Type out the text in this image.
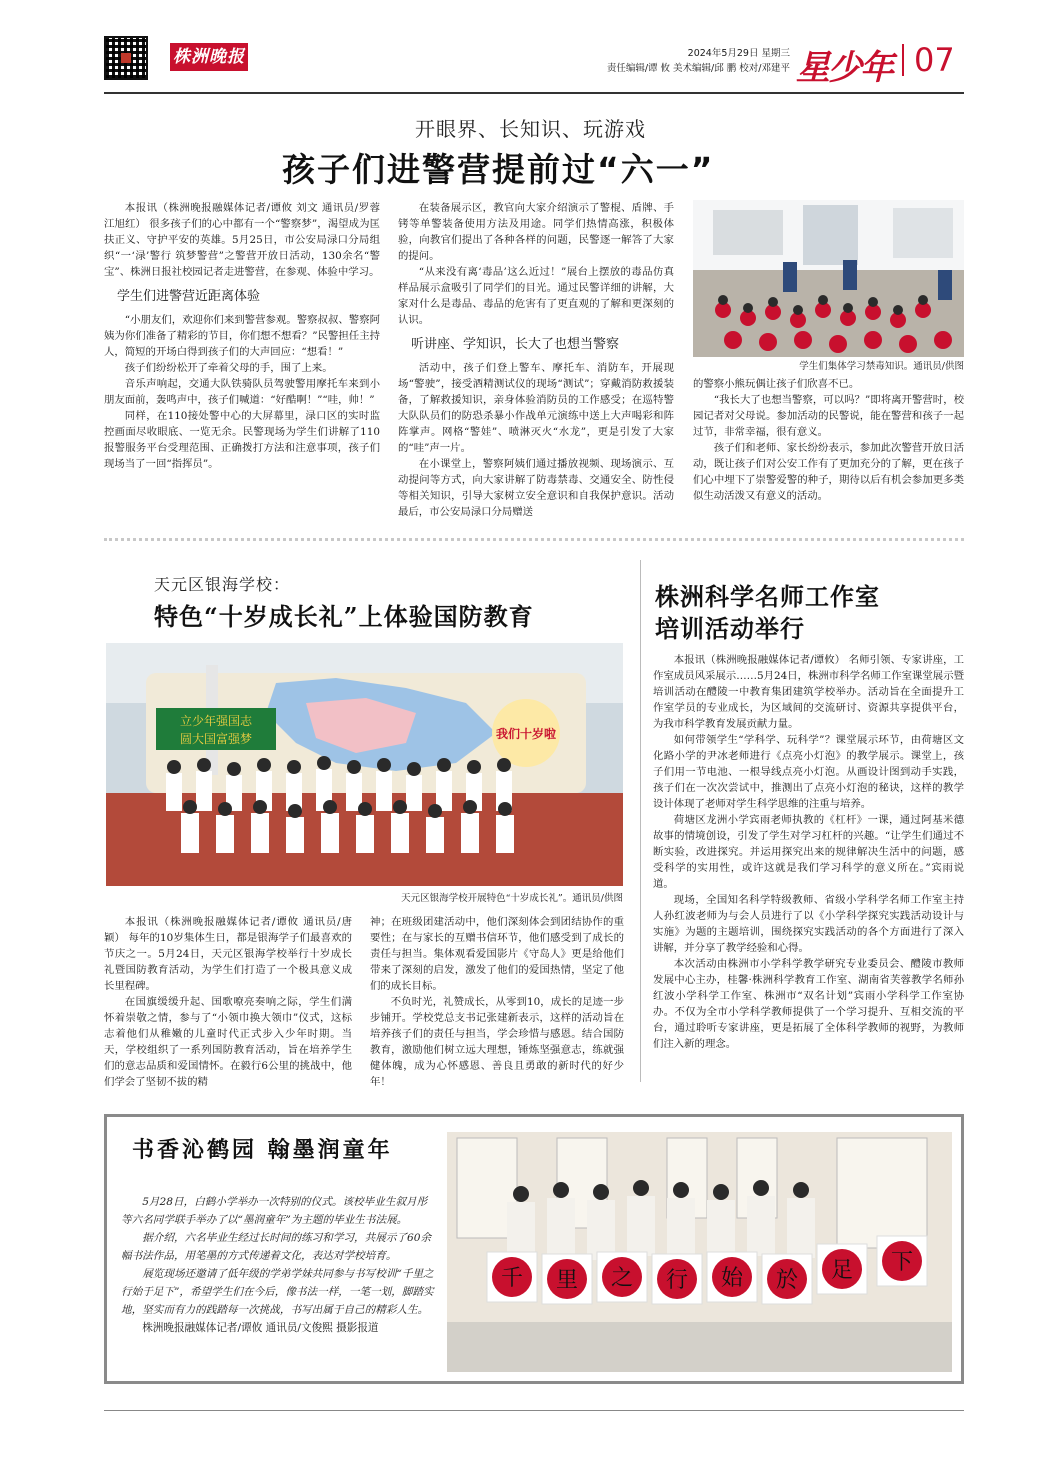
株洲晚报	2024年5月29日 星期三
责任编辑/谭 攸 美术编辑/邱 鹏 校对/邓建平 星少年 07
开眼界、长知识、玩游戏
孩子们进警营提前过“六一”

本报讯（株洲晚报融媒体记者/谭攸 刘文 通讯员/罗蓉 江旭红） 很多孩子们的心中都有一个“警察梦”，渴望成为匡扶正义、守护平安的英雄。5月25日，市公安局渌口分局组织“一‘渌’警行 筑梦警营”之警营开放日活动，130余名“警宝”、株洲日报社校园记者走进警营，在参观、体验中学习。

学生们进警营近距离体验

“小朋友们，欢迎你们来到警营参观。警察叔叔、警察阿姨为你们准备了精彩的节目，你们想不想看？”民警担任主持人，简短的开场白得到孩子们的大声回应：“想看！”

孩子们纷纷松开了牵着父母的手，围了上来。

音乐声响起，交通大队铁骑队员驾驶警用摩托车来到小朋友面前，轰鸣声中，孩子们喊道：“好酷啊！”“哇，帅！”

同样，在110接处警中心的大屏幕里，渌口区的实时监控画面尽收眼底、一览无余。民警现场为学生们讲解了110报警服务平台受理范围、正确拨打方法和注意事项，孩子们现场当了一回“指挥员”。

在装备展示区，教官向大家介绍演示了警棍、盾牌、手铐等单警装备使用方法及用途。同学们热情高涨，积极体验，向教官们提出了各种各样的问题，民警逐一解答了大家的提问。

“从来没有离‘毒品’这么近过！”展台上摆放的毒品仿真样品展示盒吸引了同学们的目光。通过民警详细的讲解，大家对什么是毒品、毒品的危害有了更直观的了解和更深刻的认识。

听讲座、学知识，长大了也想当警察

活动中，孩子们登上警车、摩托车、消防车，开展现场“警驶”，接受酒精测试仪的现场“测试”；穿戴消防救援装备，了解救援知识，亲身体验消防员的工作感受；在巡特警大队队员们的防恐杀暴小作战单元演练中送上大声喝彩和阵阵掌声。网格“警娃”、喷淋灭火“水龙”，更是引发了大家的“哇”声一片。

在小课堂上，警察阿姨们通过播放视频、现场演示、互动提问等方式，向大家讲解了防毒禁毒、交通安全、防性侵等相关知识，引导大家树立安全意识和自我保护意识。活动最后，市公安局渌口分局赠送

学生们集体学习禁毒知识。通讯员/供图

的警察小熊玩偶让孩子们欣喜不已。

“我长大了也想当警察，可以吗？”即将离开警营时，校园记者对父母说。参加活动的民警说，能在警营和孩子一起过节，非常幸福，很有意义。

孩子们和老师、家长纷纷表示，参加此次警营开放日活动，既让孩子们对公安工作有了更加充分的了解，更在孩子们心中埋下了崇警爱警的种子，期待以后有机会参加更多类似生动活泼又有意义的活动。

天元区银海学校：
特色“十岁成长礼”上体验国防教育
立少年强国志
圆大国富强梦	我们十岁啦
天元区银海学校开展特色“十岁成长礼”。通讯员/供图

本报讯（株洲晚报融媒体记者/谭攸 通讯员/唐颖） 每年的10岁集体生日，都是银海学子们最喜欢的节庆之一。5月24日，天元区银海学校举行十岁成长礼暨国防教育活动，为学生们打造了一个极具意义成长里程碑。

在国旗缓缓升起、国歌嘹亮奏响之际，学生们满怀着崇敬之情，参与了“小领巾换大领巾”仪式，这标志着他们从稚嫩的儿童时代正式步入少年时期。当天，学校组织了一系列国防教育活动，旨在培养学生们的意志品质和爱国情怀。在毅行6公里的挑战中，他们学会了坚韧不拔的精

神；在班级团建活动中，他们深刻体会到团结协作的重要性；在与家长的互赠书信环节，他们感受到了成长的责任与担当。集体观看爱国影片《守岛人》更是给他们带来了深刻的启发，激发了他们的爱国热情，坚定了他们的成长目标。

不负时光，礼赞成长，从零到10，成长的足迹一步步铺开。学校党总支书记张建新表示，这样的活动旨在培养孩子们的责任与担当，学会珍惜与感恩。结合国防教育，激励他们树立远大理想，锤炼坚强意志，练就强健体魄，成为心怀感恩、善良且勇敢的新时代的好少年！

株洲科学名师工作室
培训活动举行

本报讯（株洲晚报融媒体记者/谭攸） 名师引领、专家讲座，工作室成员风采展示……5月24日，株洲市科学名师工作室课堂展示暨培训活动在醴陵一中教育集团建筑学校举办。活动旨在全面提升工作室学员的专业成长，为区域间的交流研讨、资源共享提供平台，为我市科学教育发展贡献力量。

如何带领学生“学科学、玩科学”？课堂展示环节，由荷塘区文化路小学的尹冰老师进行《点亮小灯泡》的教学展示。课堂上，孩子们用一节电池、一根导线点亮小灯泡。从画设计图到动手实践，孩子们在一次次尝试中，推测出了点亮小灯泡的秘诀，这样的教学设计体现了老师对学生科学思维的注重与培养。

荷塘区龙洲小学宾雨老师执教的《杠杆》一课，通过阿基米德故事的情境创设，引发了学生对学习杠杆的兴趣。“让学生们通过不断实验，改进探究。并运用探究出来的规律解决生活中的问题，感受科学的实用性，或许这就是我们学习科学的意义所在。”宾雨说道。

现场，全国知名科学特级教师、省级小学科学名师工作室主持人孙红波老师为与会人员进行了以《小学科学探究实践活动设计与实施》为题的主题培训，围绕探究实践活动的各个方面进行了深入讲解，并分享了教学经验和心得。

本次活动由株洲市小学科学教学研究专业委员会、醴陵市教师发展中心主办，桂馨·株洲科学教育工作室、湖南省芙蓉教学名师孙红波小学科学工作室、株洲市“双名计划”宾雨小学科学工作室协办。不仅为全市小学科学教师提供了一个学习提升、互相交流的平台，通过聆听专家讲座，更是拓展了全体科学教师的视野，为教师们注入新的理念。

书香沁鹤园 翰墨润童年

5月28日，白鹤小学举办一次特别的仪式。该校毕业生叙月彤等六名同学联手举办了以“墨润童年”为主题的毕业生书法展。

据介绍，六名毕业生经过长时间的练习和学习，共展示了60余幅书法作品，用笔墨的方式传递着文化，表达对学校培育。

展览现场还邀请了低年级的学弟学妹共同参与书写校训“千里之行始于足下”，希望学生们在今后，像书法一样，一笔一划，脚踏实地，坚实而有力的践踏每一次挑战，书写出属于自己的精彩人生。

株洲晚报融媒体记者/谭攸 通讯员/文俊熙 摄影报道

千 里 之 行 始 於 足 下
